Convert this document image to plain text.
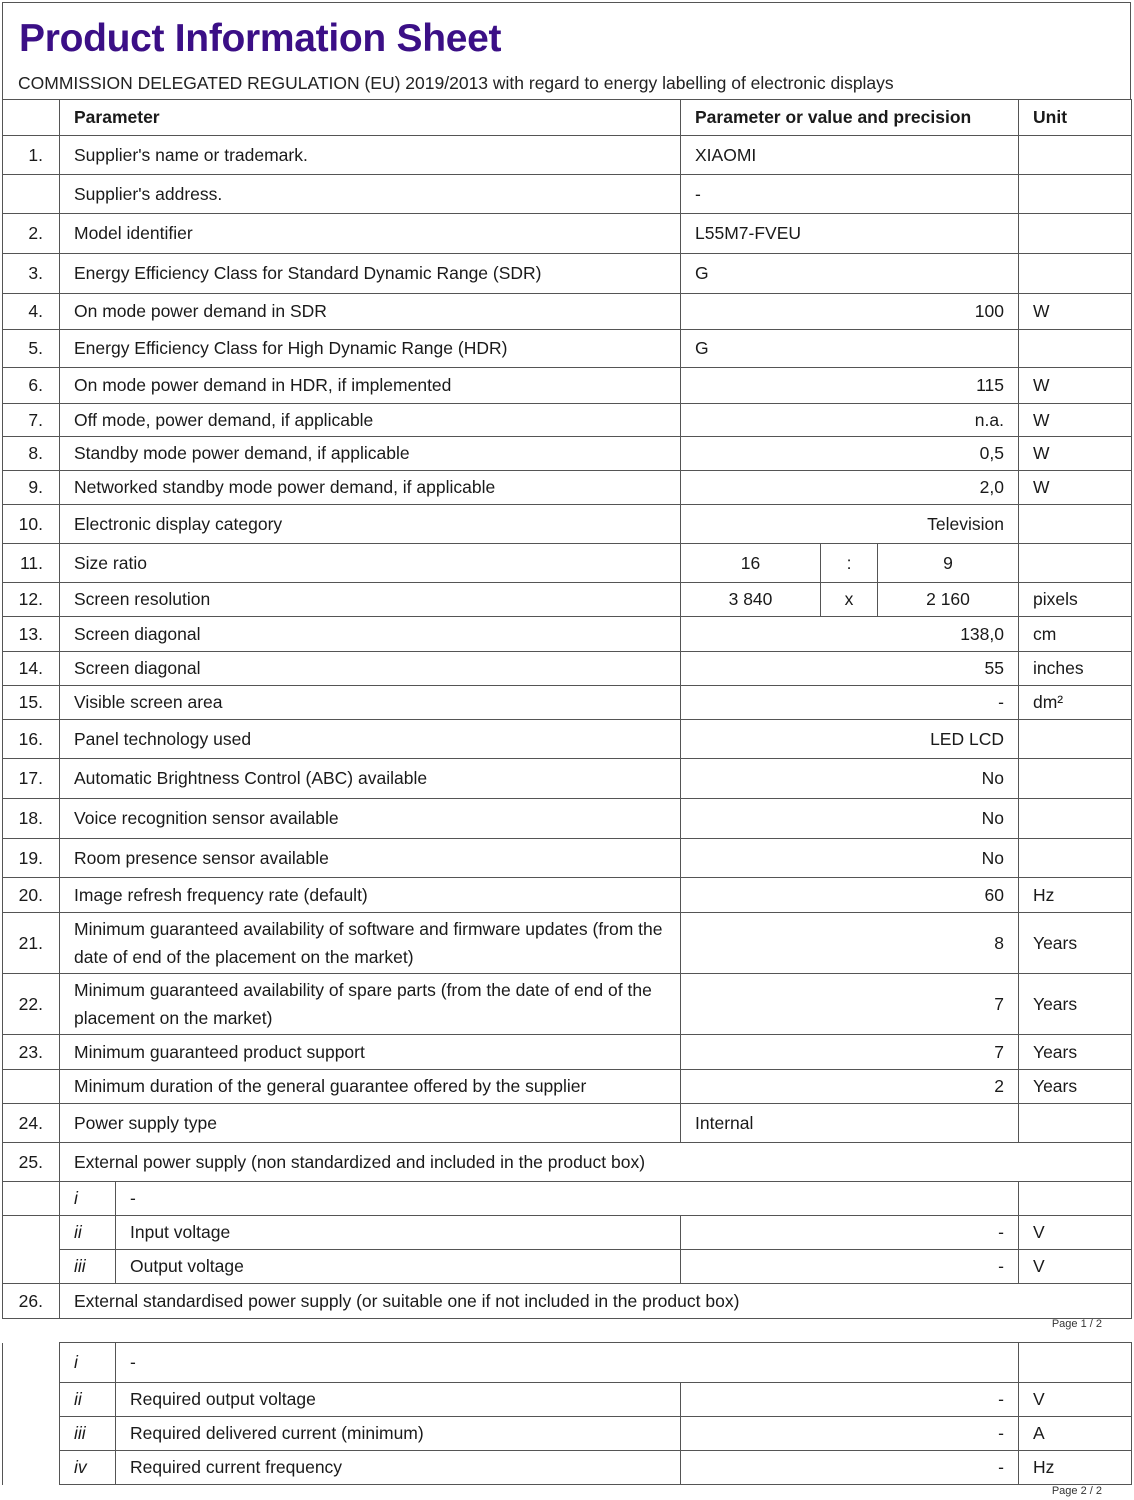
Product Information Sheet
COMMISSION DELEGATED REGULATION (EU) 2019/2013 with regard to energy labelling of electronic displays
	Parameter		Parameter or value and precision			Unit
1.	Supplier's name or trademark.		XIAOMI			
	Supplier's address.		-			
2.	Model identifier		L55M7-FVEU			
3.	Energy Efficiency Class for Standard Dynamic Range (SDR)		G			
4.	On mode power demand in SDR		100			W
5.	Energy Efficiency Class for High Dynamic Range (HDR)		G			
6.	On mode power demand in HDR, if implemented		115			W
7.	Off mode, power demand, if applicable		n.a.			W
8.	Standby mode power demand, if applicable		0,5			W
9.	Networked standby mode power demand, if applicable		2,0			W
10.	Electronic display category		Television			
11.	Size ratio		16	:	9	
12.	Screen resolution		3 840	x	2 160	pixels
13.	Screen diagonal		138,0			cm
14.	Screen diagonal		55			inches
15.	Visible screen area		-			dm²
16.	Panel technology used		LED LCD			
17.	Automatic Brightness Control (ABC) available		No			
18.	Voice recognition sensor available		No			
19.	Room presence sensor available		No			
20.	Image refresh frequency rate (default)		60			Hz
21.	Minimum guaranteed availability of software and firmware updates (from the date of end of the placement on the market)		8			Years
22.	Minimum guaranteed availability of spare parts (from the date of end of the placement on the market)		7			Years
23.	Minimum guaranteed product support		7			Years
	Minimum duration of the general guarantee offered by the supplier		2			Years
24.	Power supply type		Internal			
25.	External power supply (non standardized and included in the product box)					
	i	-				
	ii	Input voltage	-			V
	iii	Output voltage	-			V
26.	External standardised power supply (or suitable one if not included in the product box)					
Page 1 / 2
	i	-		
	ii	Required output voltage	-	V
	iii	Required delivered current (minimum)	-	A
	iv	Required current frequency	-	Hz
Page 2 / 2
